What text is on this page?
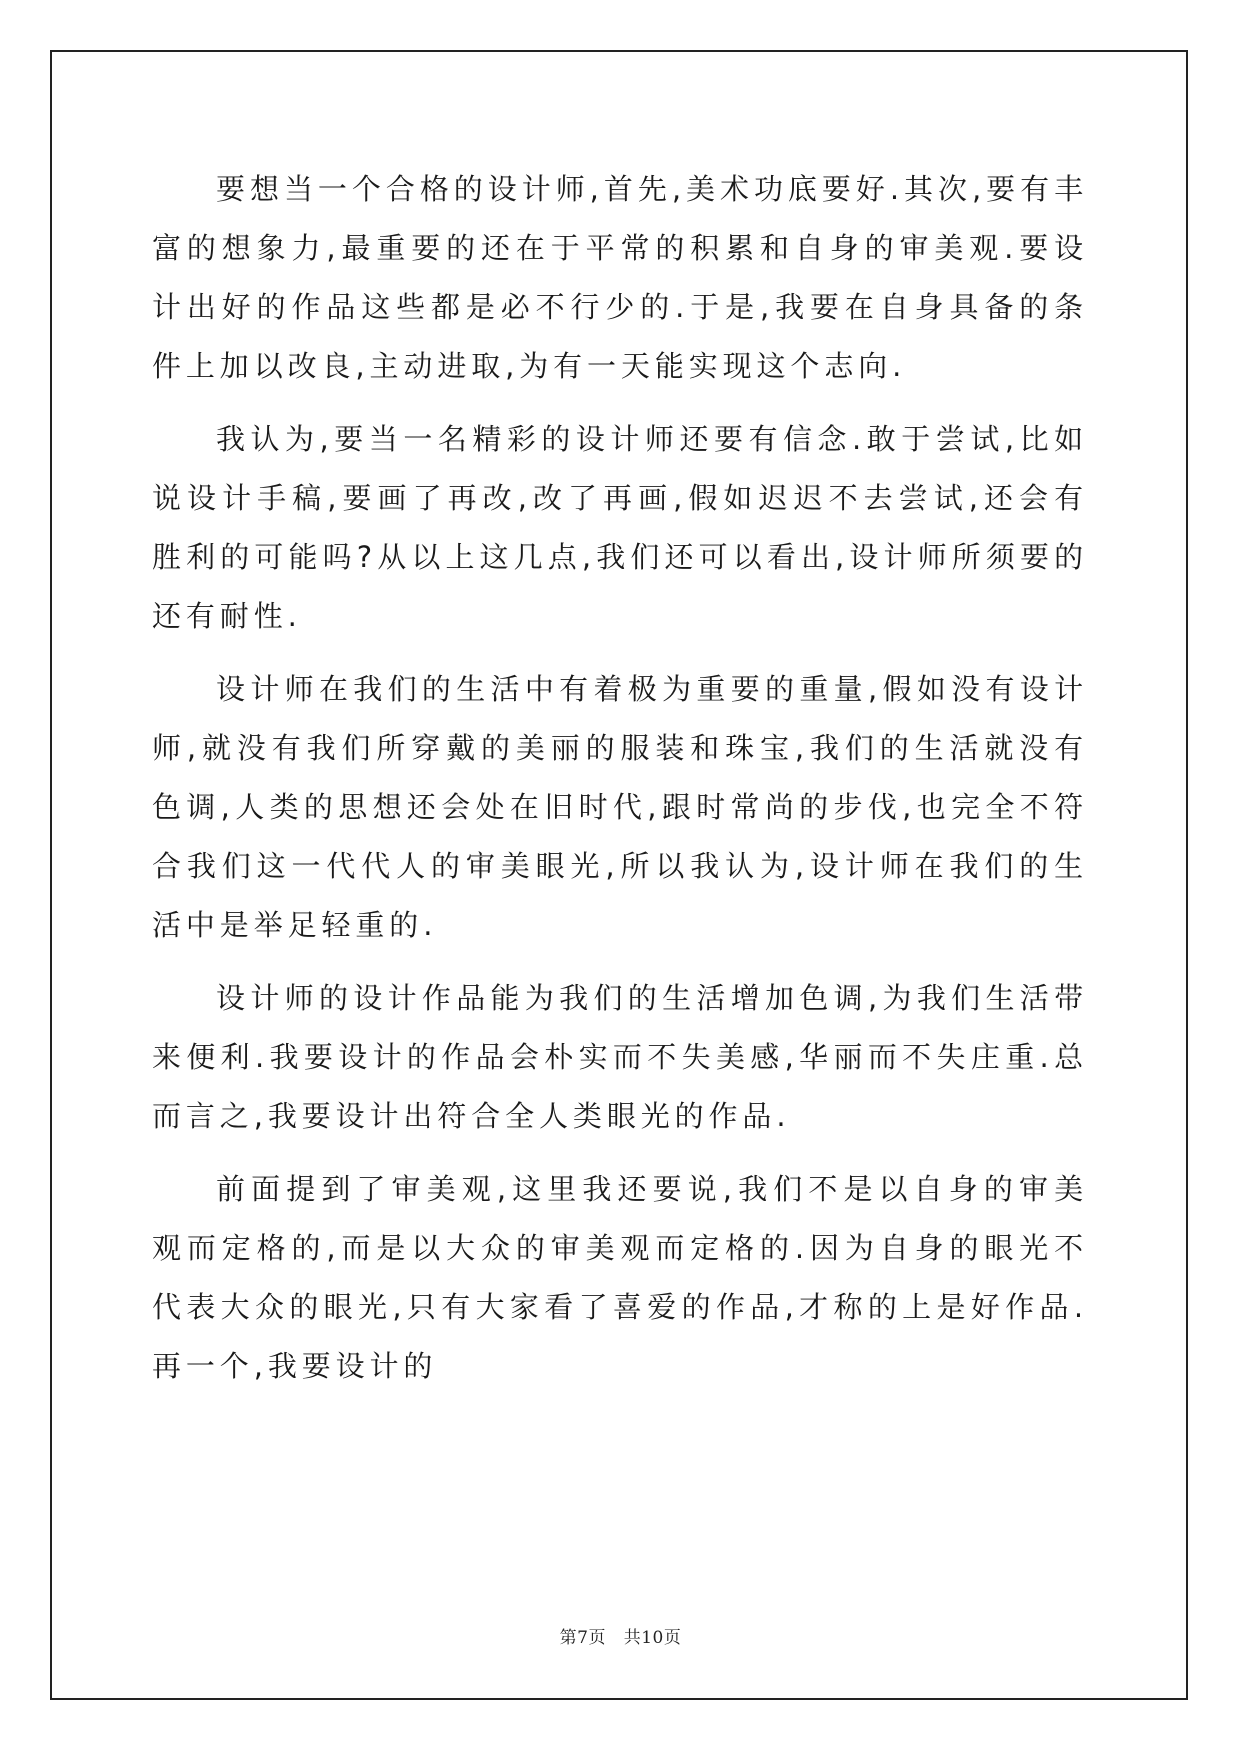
要想当一个合格的设计师,首先,美术功底要好.其次,要有丰富的想象力,最重要的还在于平常的积累和自身的审美观.要设计出好的作品这些都是必不行少的.于是,我要在自身具备的条件上加以改良,主动进取,为有一天能实现这个志向.

我认为,要当一名精彩的设计师还要有信念.敢于尝试,比如说设计手稿,要画了再改,改了再画,假如迟迟不去尝试,还会有胜利的可能吗?从以上这几点,我们还可以看出,设计师所须要的还有耐性.

设计师在我们的生活中有着极为重要的重量,假如没有设计师,就没有我们所穿戴的美丽的服装和珠宝,我们的生活就没有色调,人类的思想还会处在旧时代,跟时常尚的步伐,也完全不符合我们这一代代人的审美眼光,所以我认为,设计师在我们的生活中是举足轻重的.

设计师的设计作品能为我们的生活增加色调,为我们生活带来便利.我要设计的作品会朴实而不失美感,华丽而不失庄重.总而言之,我要设计出符合全人类眼光的作品.

前面提到了审美观,这里我还要说,我们不是以自身的审美观而定格的,而是以大众的审美观而定格的.因为自身的眼光不代表大众的眼光,只有大家看了喜爱的作品,才称的上是好作品.再一个,我要设计的

第7页 共10页
